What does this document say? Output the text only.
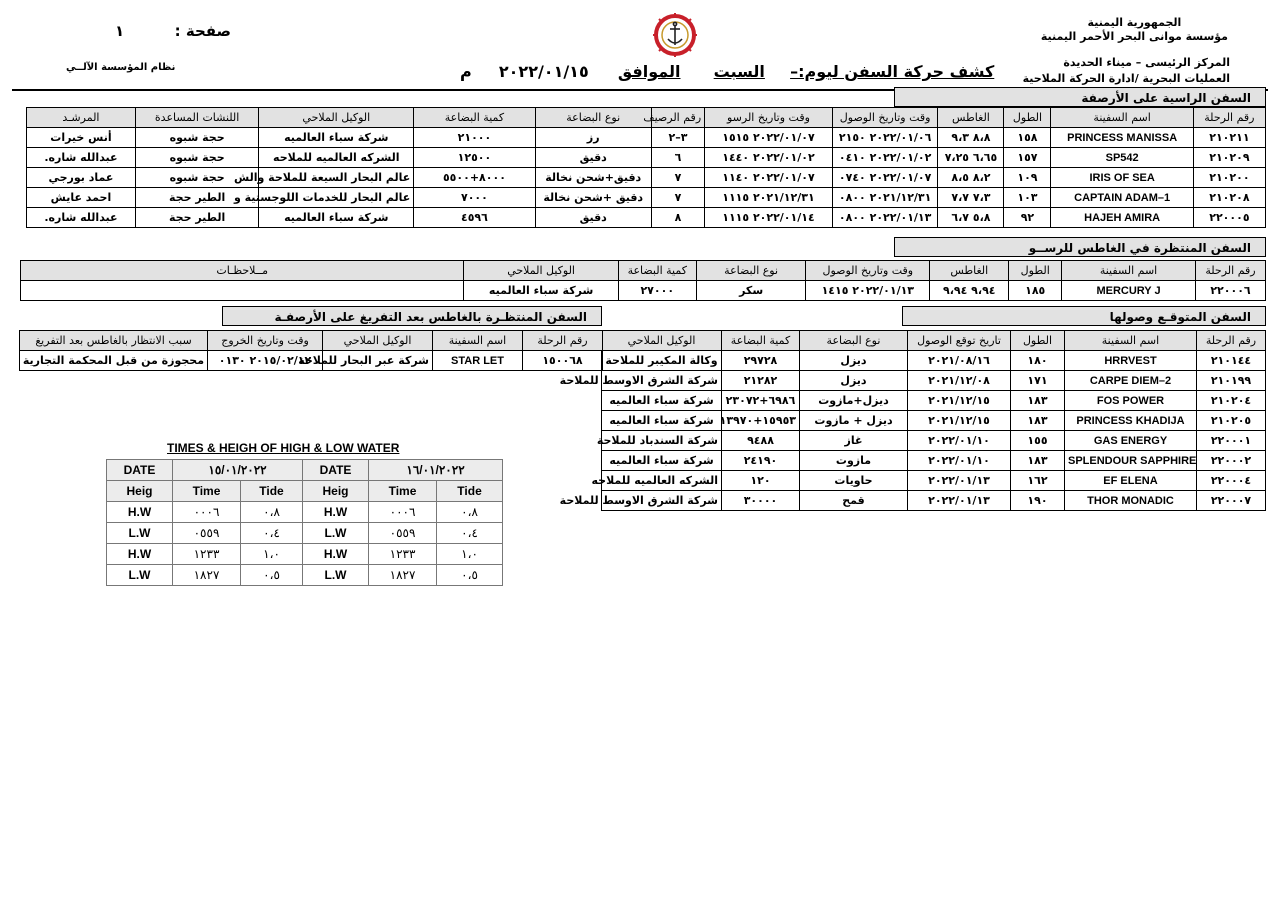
الجمهورية اليمنية
مؤسسة موانى البحر الأحمر اليمنية
المركز الرئيسى – ميناء الحديدة
العمليات البحرية /ادارة الحركة الملاحية
صفحة :  ١
نظام المؤسسة الآلــي	كشف حركة السفن ليوم:–  السبت  الموافق  ٢٠٢٢/٠١/١٥  م
السفن الراسية على الأرصفة
رقم الرحلة	اسم السفينة	الطول	الغاطس	وقت وتاريخ الوصول	وقت وتاريخ الرسو	رقم الرصيف	نوع البضاعة	كمية البضاعة	الوكيل الملاحي	اللنشات المساعدة	المرشـد
٢١٠٢١١	PRINCESS MANISSA	١٥٨	٨،٨ ٩،٣	٢٠٢٢/٠١/٠٦ ٢١٥٠	٢٠٢٢/٠١/٠٧ ١٥١٥	٣–٢	رز	٢١٠٠٠	شركة سباء العالميه	حجة شبوه	أنس خيرات
٢١٠٢٠٩	SP542	١٥٧	٦،٦٥ ٧،٢٥	٢٠٢٢/٠١/٠٢ ٠٤١٠	٢٠٢٢/٠١/٠٢ ١٤٤٠	٦	دقيق	١٢٥٠٠	الشركه العالميه للملاحه	حجة شبوه	عبدالله شاره.
٢١٠٢٠٠	IRIS OF SEA	١٠٩	٨،٢ ٨،٥	٢٠٢٢/٠١/٠٧ ٠٧٤٠	٢٠٢٢/٠١/٠٧ ١١٤٠	٧	دقيق+شحن نخالة	٨٠٠٠+٥٥٠٠	عالم البحار السيعة للملاحة والش	حجة شبوه	عماد بورجي
٢١٠٢٠٨	CAPTAIN ADAM–1	١٠٣	٧،٣ ٧،٧	٢٠٢١/١٢/٣١ ٠٨٠٠	٢٠٢١/١٢/٣١ ١١١٥	٧	دقيق +شحن نخالة	٧٠٠٠	عالم البحار للخدمات اللوجستية و	الطير حجة	احمد عايش
٢٢٠٠٠٥	HAJEH AMIRA	٩٢	٥،٨ ٦،٧	٢٠٢٢/٠١/١٣ ٠٨٠٠	٢٠٢٢/٠١/١٤ ١١١٥	٨	دقيق	٤٥٩٦	شركة سباء العالميه	الطير حجة	عبدالله شاره.
السفن المنتظرة في الغاطس للرســو
رقم الرحلة	اسم السفينة	الطول	الغاطس	وقت وتاريخ الوصول	نوع البضاعة	كمية البضاعة	الوكيل الملاحي	مــلاحظـات
٢٢٠٠٠٦	MERCURY J	١٨٥	٩،٩٤ ٩،٩٤	٢٠٢٢/٠١/١٣ ١٤١٥	سكر	٢٧٠٠٠	شركة سباء العالميه	
السفن المتوقـع وصولها
رقم الرحلة	اسم السفينة	الطول	تاريخ توقع الوصول	نوع البضاعة	كمية البضاعة	الوكيل الملاحي
٢١٠١٤٤	HRRVEST	١٨٠	٢٠٢١/٠٨/١٦	ديزل	٢٩٧٢٨	وكالة المكيبر للملاحة
٢١٠١٩٩	CARPE DIEM–2	١٧١	٢٠٢١/١٢/٠٨	ديزل	٢١٢٨٢	شركة الشرق الاوسط للملاحة
٢١٠٢٠٤	FOS POWER	١٨٣	٢٠٢١/١٢/١٥	ديزل+مازوت	٦٩٨٦+٢٣٠٧٢	شركة سباء العالميه
٢١٠٢٠٥	PRINCESS KHADIJA	١٨٣	٢٠٢١/١٢/١٥	ديزل + مازوت	١٥٩٥٣+١٣٩٧٠	شركة سباء العالميه
٢٢٠٠٠١	GAS ENERGY	١٥٥	٢٠٢٢/٠١/١٠	غاز	٩٤٨٨	شركة السندباد للملاحة
٢٢٠٠٠٢	SPLENDOUR SAPPHIRE	١٨٣	٢٠٢٢/٠١/١٠	مازوت	٢٤١٩٠	شركة سباء العالميه
٢٢٠٠٠٤	EF ELENA	١٦٢	٢٠٢٢/٠١/١٣	حاويات	١٢٠	الشركه العالميه للملاحه
٢٢٠٠٠٧	THOR MONADIC	١٩٠	٢٠٢٢/٠١/١٣	قمح	٣٠٠٠٠	شركة الشرق الاوسط للملاحة
السفن المنتظـرة بالغاطس بعد التفريغ على الأرصفـة
رقم الرحلة	اسم السفينة	الوكيل الملاحي	وقت وتاريخ الخروج	سبب الانتظار بالغاطس بعد التفريغ
١٥٠٠٦٨	STAR LET	شركة عبر البحار للملاحة	٢٠١٥/٠٢/١٢ ٠١٣٠	محجوزة من قبل المحكمة التجارية
TIMES & HEIGH OF HIGH & LOW WATER
DATE	١٥/٠١/٢٠٢٢		DATE	١٦/٠١/٢٠٢٢	
Heig	Time	Tide	Heig	Time	Tide
H.W	٠٠٠٦	٠،٨	H.W	٠٠٠٦	٠،٨
L.W	٠٥٥٩	٠،٤	L.W	٠٥٥٩	٠،٤
H.W	١٢٣٣	١،٠	H.W	١٢٣٣	١،٠
L.W	١٨٢٧	٠،٥	L.W	١٨٢٧	٠،٥
